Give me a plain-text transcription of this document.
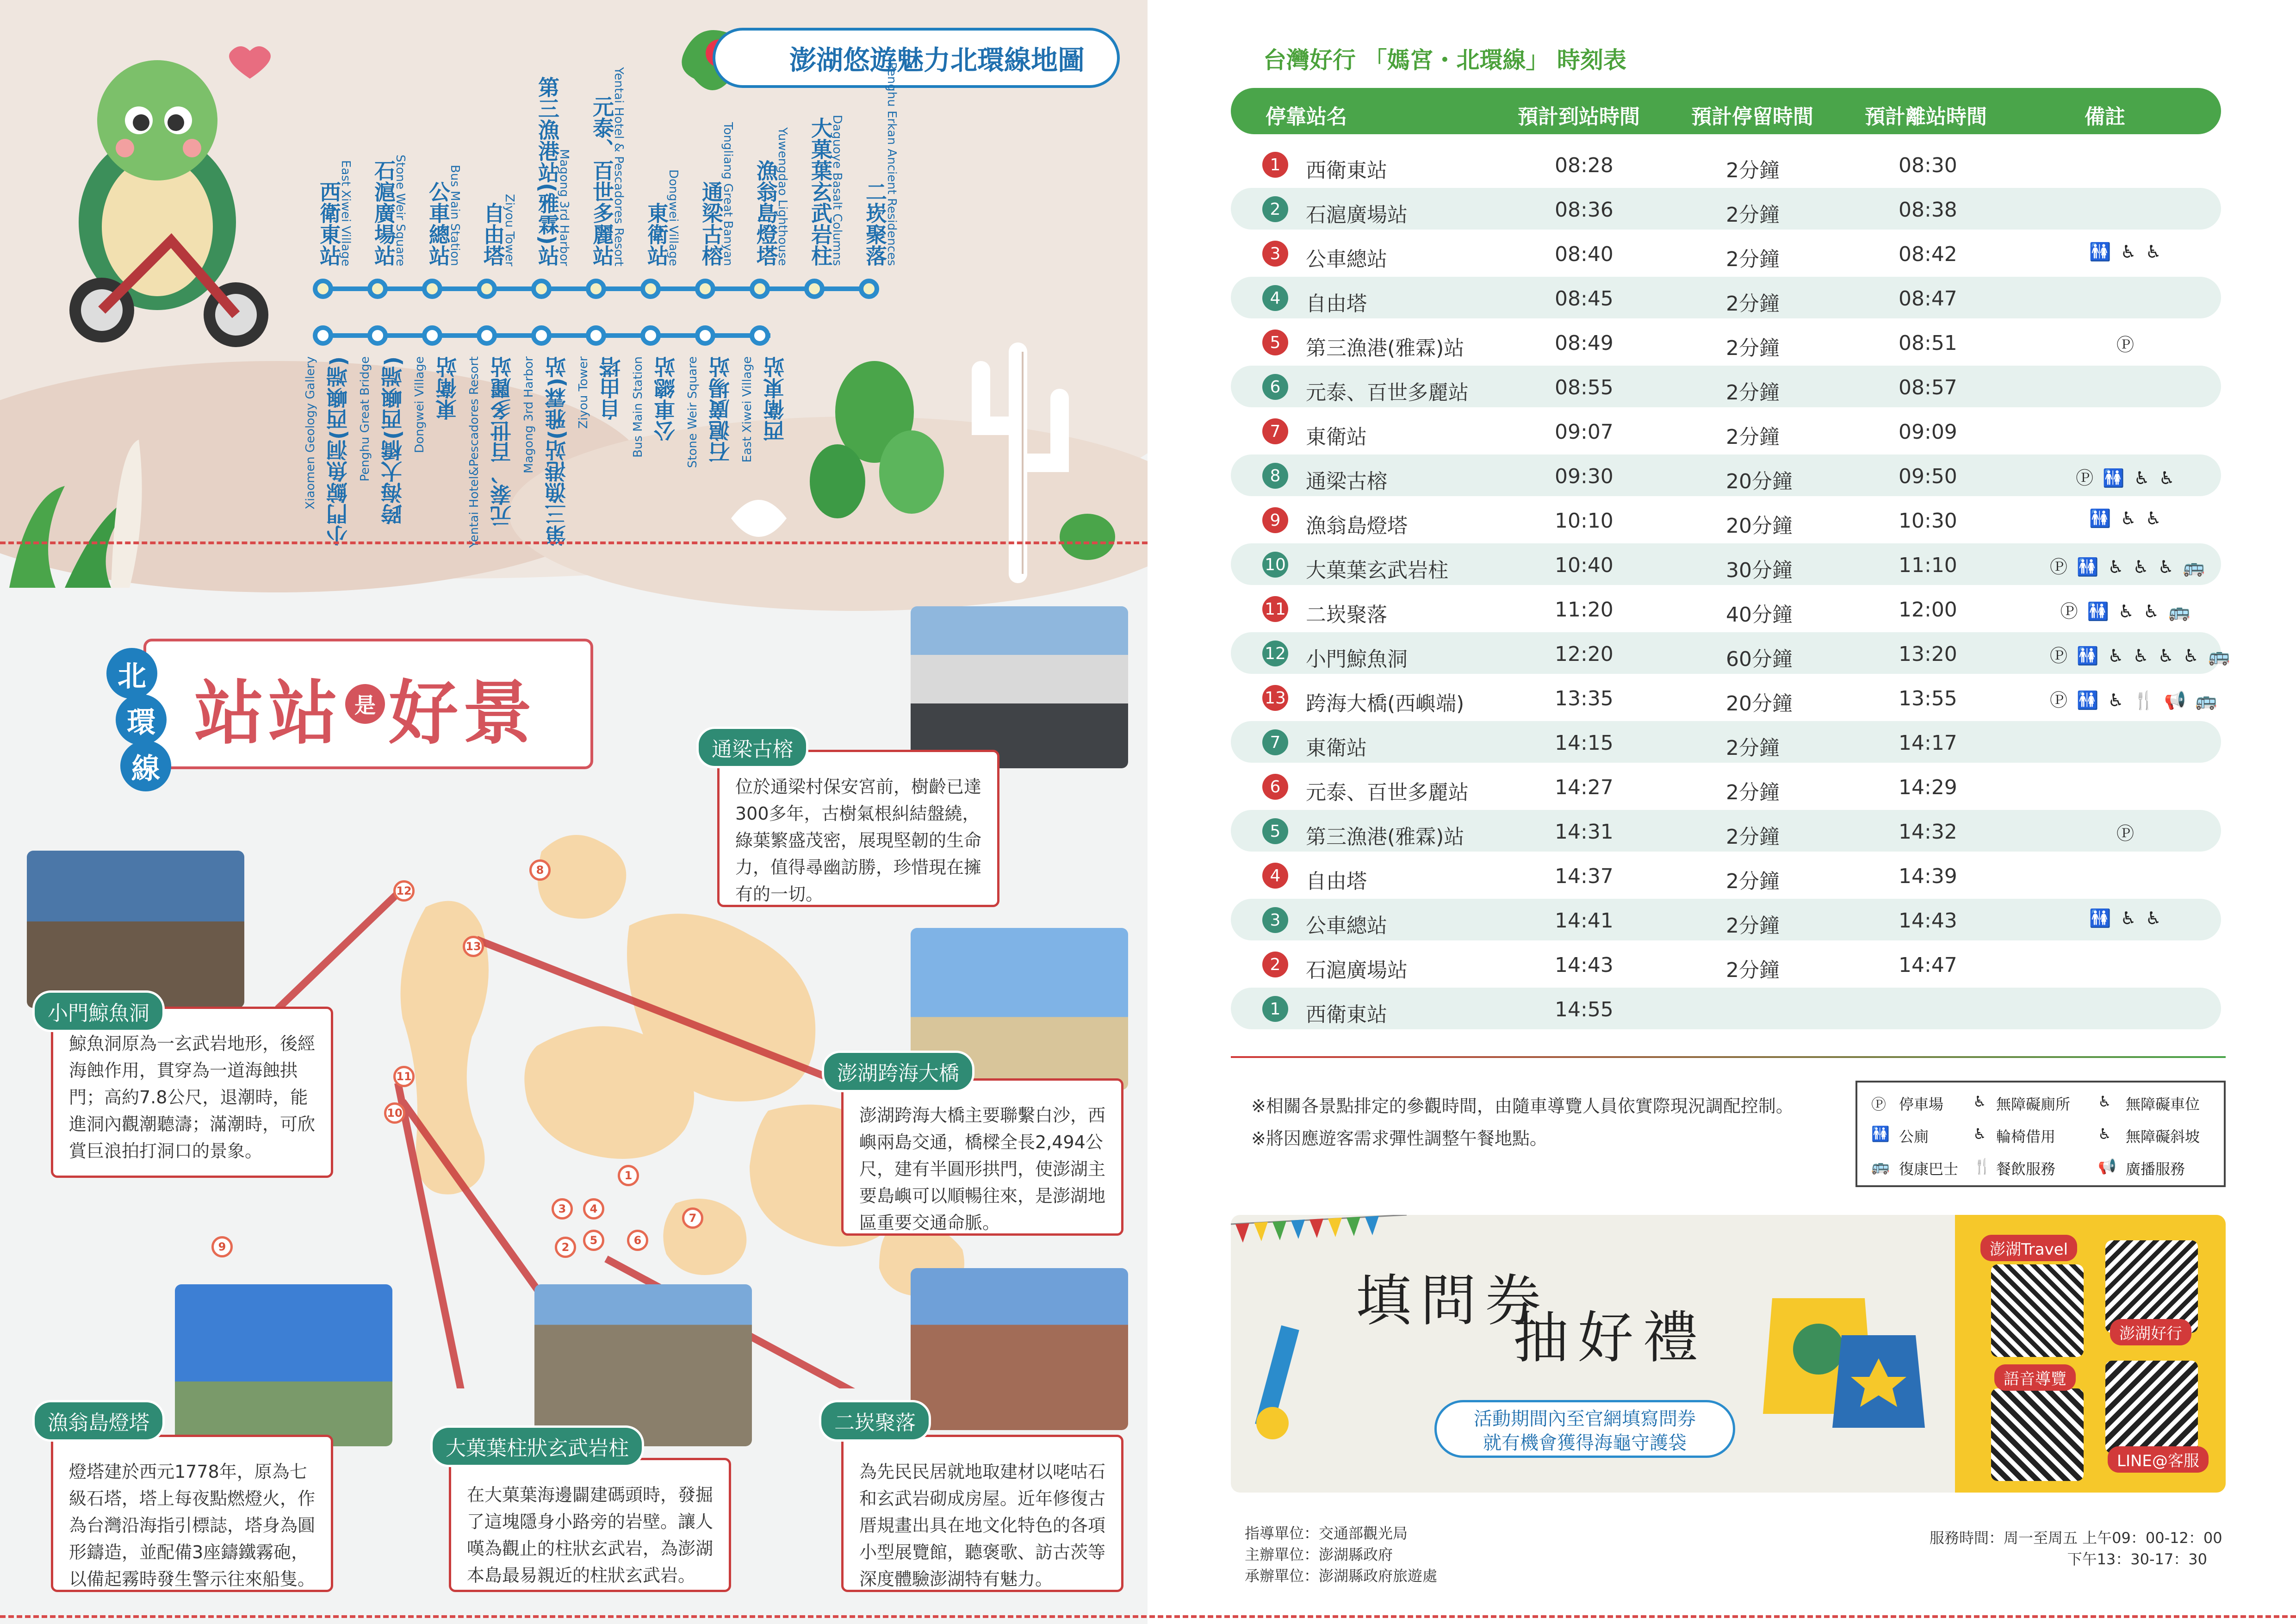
澎湖悠遊魅力北環線地圖
西衛東站
East Xiwei Village 石滬廣場站
Stone Weir Square 公車總站
Bus Main Station 自由塔
Ziyou Tower 第三漁港站(雅霖)站
Magong 3rd Harbor 元泰、百世多麗站
Yentai Hotel & Pescadores Resort 東衛站
Dongwei Village 通梁古榕
Tongliang Great Banyan 漁翁島燈塔
Yuwengdao Lighthouse 大菓葉玄武岩柱
Daguoye Basalt Columns 二崁聚落
Penghu Erkan Ancient Residences
小門鯨魚洞(西嶼端)
Xiaomen Geology Gallery	跨海大橋(西嶼端)
Penghu Great Bridge	東衛站
Dongwei Village	元泰、百世多麗站
Yentai Hotel&Pescadores Resort	第三漁港站(雅霖)站
Magong 3rd Harbor	自由塔
Ziyou Tower	公車總站
Bus Main Station	石滬廣場站
Stone Weir Square	西衛東站
East Xiwei Village
北
環
線
站站 是 好景
1
2
3	4
5	6
7
8
9
10
11
12
13
位於通梁村保安宮前，樹齡已達300多年，古樹氣根糾結盤繞，綠葉繁盛茂密，展現堅韌的生命力，值得尋幽訪勝，珍惜現在擁有的一切。
通梁古榕
鯨魚洞原為一玄武岩地形，後經海蝕作用，貫穿為一道海蝕拱門；高約7.8公尺，退潮時，能進洞內觀潮聽濤；滿潮時，可欣賞巨浪拍打洞口的景象。
小門鯨魚洞
澎湖跨海大橋主要聯繫白沙，西嶼兩島交通，橋樑全長2,494公尺，建有半圓形拱門，使澎湖主要島嶼可以順暢往來，是澎湖地區重要交通命脈。
澎湖跨海大橋
燈塔建於西元1778年，原為七級石塔，塔上每夜點燃燈火，作為台灣沿海指引標誌，塔身為圓形鑄造，並配備3座鑄鐵霧砲，以備起霧時發生警示往來船隻。
漁翁島燈塔
在大菓葉海邊闢建碼頭時，發掘了這塊隱身小路旁的岩壁。讓人嘆為觀止的柱狀玄武岩，為澎湖本島最易親近的柱狀玄武岩。
大菓葉柱狀玄武岩柱
為先民民居就地取建材以咾咕石和玄武岩砌成房屋。近年修復古厝規畫出具在地文化特色的各項小型展覽館，聽褒歌、訪古茨等深度體驗澎湖特有魅力。
二崁聚落
台灣好行 「媽宮・北環線」 時刻表
停靠站名	預計到站時間	預計停留時間	預計離站時間	備註
1	西衛東站	08:28	2分鐘	08:30
2	石滬廣場站	08:36	2分鐘	08:38
3	公車總站	08:40	2分鐘	08:42	🚻 ♿ ♿
4	自由塔	08:45	2分鐘	08:47
5	第三漁港(雅霖)站	08:49	2分鐘	08:51	Ⓟ
6	元泰、百世多麗站	08:55	2分鐘	08:57
7	東衛站	09:07	2分鐘	09:09
8	通梁古榕	09:30	20分鐘	09:50	Ⓟ 🚻 ♿ ♿
9	漁翁島燈塔	10:10	20分鐘	10:30	🚻 ♿ ♿
10 大菓葉玄武岩柱	10:40	30分鐘	11:10	Ⓟ 🚻 ♿ ♿ ♿ 🚌
11 二崁聚落	11:20	40分鐘	12:00	Ⓟ 🚻 ♿ ♿ 🚌
12 小門鯨魚洞	12:20	60分鐘	13:20	Ⓟ 🚻 ♿ ♿ ♿ ♿ 🚌
13 跨海大橋(西嶼端)	13:35	20分鐘	13:55	Ⓟ 🚻 ♿ 🍴 📢 🚌
7	東衛站	14:15	2分鐘	14:17
6	元泰、百世多麗站	14:27	2分鐘	14:29
5	第三漁港(雅霖)站	14:31	2分鐘	14:32	Ⓟ
4	自由塔	14:37	2分鐘	14:39
3	公車總站	14:41	2分鐘	14:43	🚻 ♿ ♿
2	石滬廣場站	14:43	2分鐘	14:47
1	西衛東站	14:55
※相關各景點排定的參觀時間，由隨車導覽人員依實際現況調配控制。
※將因應遊客需求彈性調整午餐地點。
Ⓟ 停車場 ♿ 無障礙廁所 ♿ 無障礙車位
🚻 公廁	♿ 輪椅借用	♿ 無障礙斜坡
🚌 復康巴士 🍴 餐飲服務	📢 廣播服務
填問券
抽好禮
活動期間內至官網填寫問券
就有機會獲得海龜守護袋
澎湖Travel
澎湖好行
語音導覽
LINE@客服
指導單位：交通部觀光局
主辦單位：澎湖縣政府
承辦單位：澎湖縣政府旅遊處
服務時間：周一至周五 上午09：00-12：00
下午13：30-17：30
